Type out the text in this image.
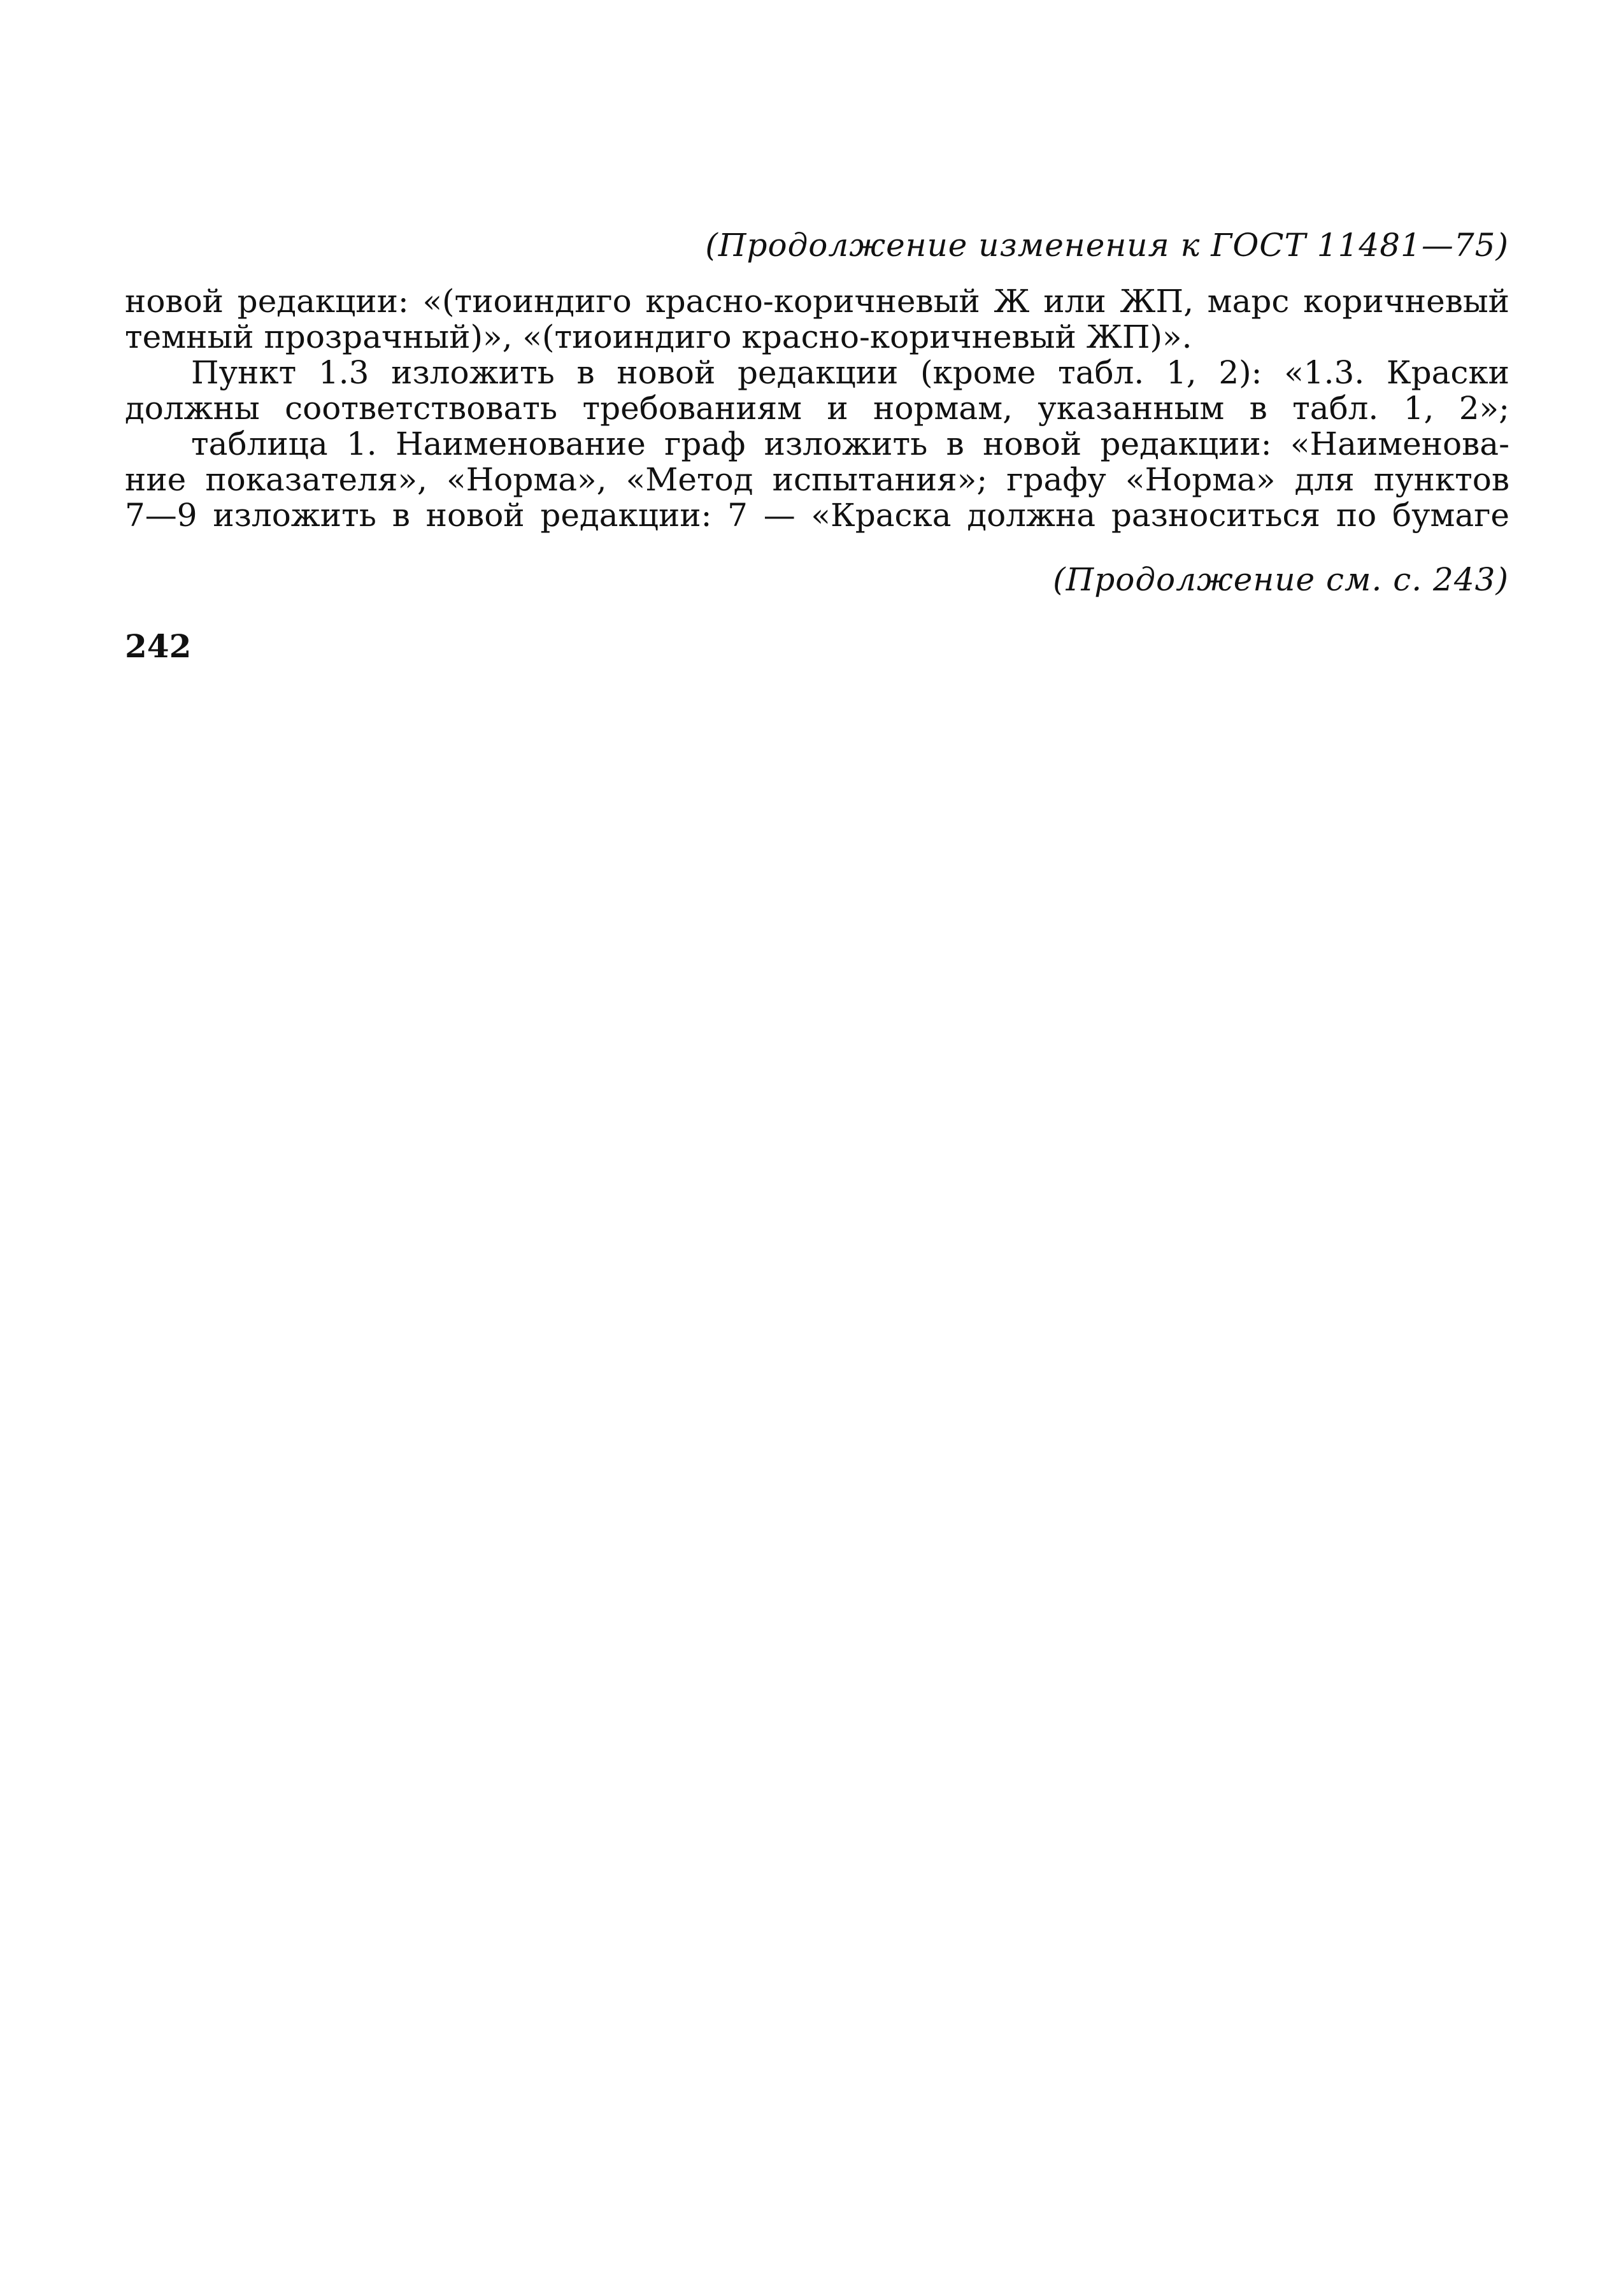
(Продолжение изменения к ГОСТ 11481—75)
новой редакции: «(тиоиндиго красно-коричневый Ж или ЖП, марс коричневый
темный прозрачный)», «(тиоиндиго красно-коричневый ЖП)».
Пункт 1.3 изложить в новой редакции (кроме табл. 1, 2): «1.3. Краски
должны соответствовать требованиям и нормам, указанным в табл. 1, 2»;
таблица 1. Наименование граф изложить в новой редакции: «Наименова-
ние показателя», «Норма», «Метод испытания»; графу «Норма» для пунктов
7—9 изложить в новой редакции: 7 — «Краска должна разноситься по бумаге
(Продолжение см. с. 243)
242
